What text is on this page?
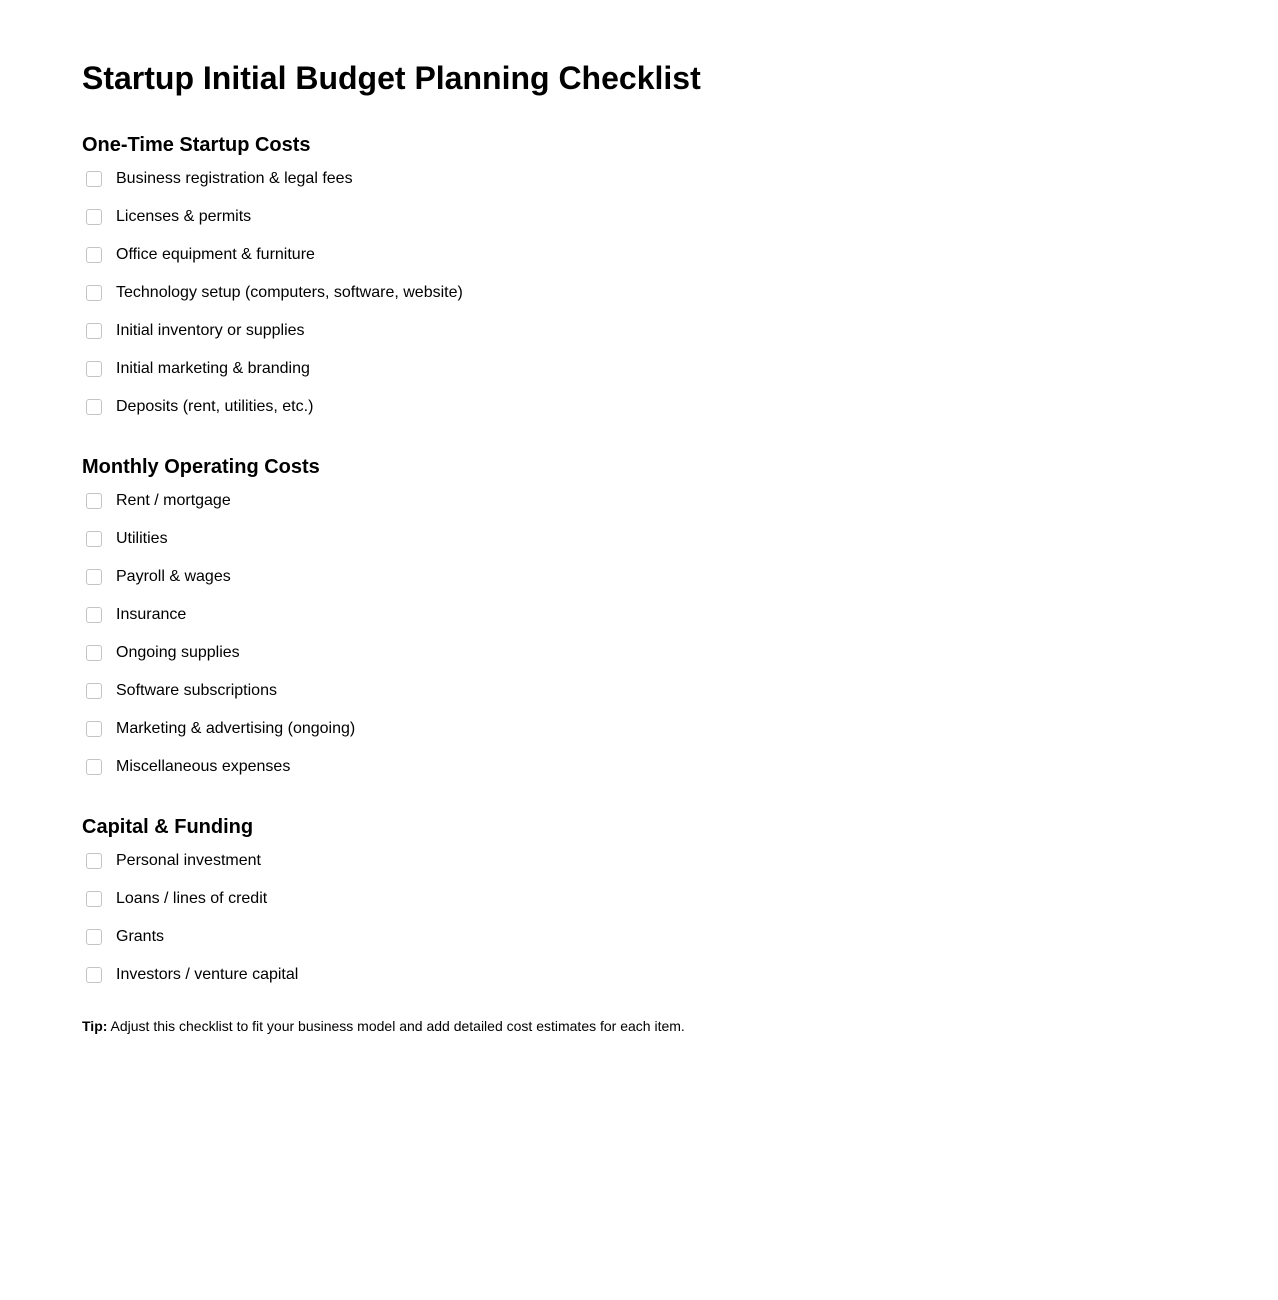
Startup Initial Budget Planning Checklist
One-Time Startup Costs
Business registration & legal fees
Licenses & permits
Office equipment & furniture
Technology setup (computers, software, website)
Initial inventory or supplies
Initial marketing & branding
Deposits (rent, utilities, etc.)
Monthly Operating Costs
Rent / mortgage
Utilities
Payroll & wages
Insurance
Ongoing supplies
Software subscriptions
Marketing & advertising (ongoing)
Miscellaneous expenses
Capital & Funding
Personal investment
Loans / lines of credit
Grants
Investors / venture capital
Tip: Adjust this checklist to fit your business model and add detailed cost estimates for each item.
